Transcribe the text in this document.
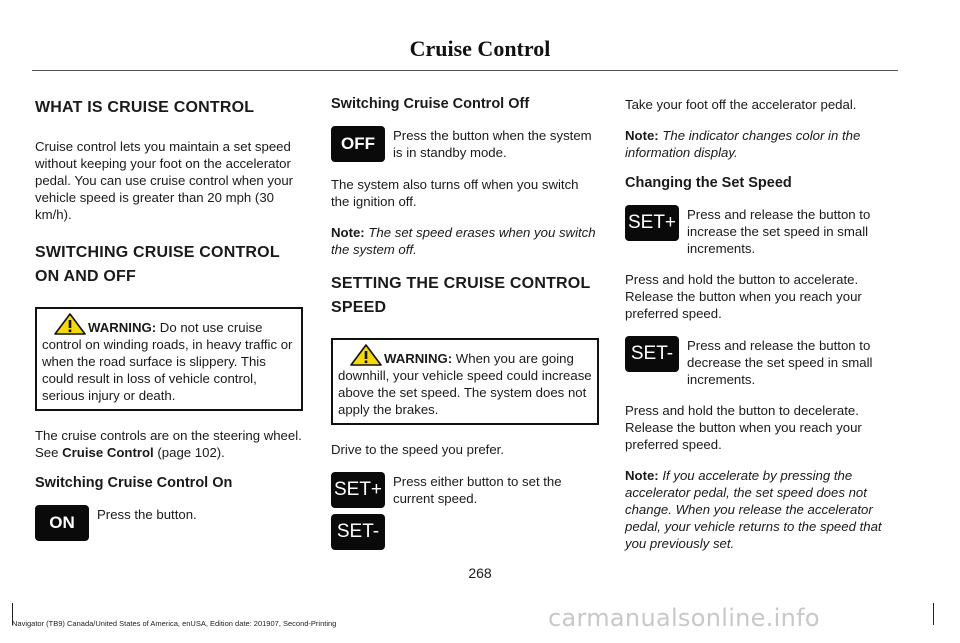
Cruise Control
WHAT IS CRUISE CONTROL

Cruise control lets you maintain a set speed without keeping your foot on the accelerator pedal. You can use cruise control when your vehicle speed is greater than 20 mph (30 km/h).

SWITCHING CRUISE CONTROL ON AND OFF
WARNING: Do not use cruise control on winding roads, in heavy traffic or when the road surface is slippery. This could result in loss of vehicle control, serious injury or death.

The cruise controls are on the steering wheel. See Cruise Control (page 102).

Switching Cruise Control On
ON	Press the button.
Switching Cruise Control Off
OFF	Press the button when the system is in standby mode.

The system also turns off when you switch the ignition off.

Note: The set speed erases when you switch the system off.

SETTING THE CRUISE CONTROL SPEED
WARNING: When you are going downhill, your vehicle speed could increase above the set speed. The system does not apply the brakes.

Drive to the speed you prefer.

SET+ Press either button to set the current speed.
SET-

Take your foot off the accelerator pedal.

Note: The indicator changes color in the information display.

Changing the Set Speed
SET+ Press and release the button to increase the set speed in small increments.

Press and hold the button to accelerate. Release the button when you reach your preferred speed.

SET-	Press and release the button to decrease the set speed in small increments.

Press and hold the button to decelerate. Release the button when you reach your preferred speed.

Note: If you accelerate by pressing the accelerator pedal, the set speed does not change. When you release the accelerator pedal, your vehicle returns to the speed that you previously set.

268
Navigator (TB9) Canada/United States of America, enUSA, Edition date: 201907, Second-Printing	carmanualsonline.info
